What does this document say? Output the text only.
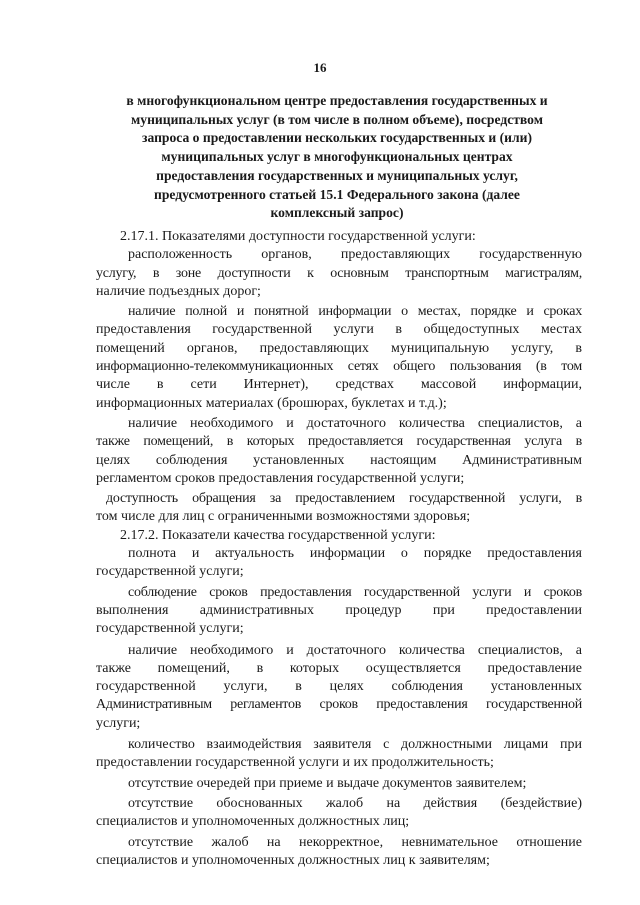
16
в многофункциональном центре предоставления государственных и
муниципальных услуг (в том числе в полном объеме), посредством
запроса о предоставлении нескольких государственных и (или)
муниципальных услуг в многофункциональных центрах
предоставления государственных и муниципальных услуг,
предусмотренного статьей 15.1 Федерального закона (далее
комплексный запрос)
2.17.1. Показателями доступности государственной услуги:
расположенность органов, предоставляющих государственную
услугу, в зоне доступности к основным транспортным магистралям,
наличие подъездных дорог;
наличие полной и понятной информации о местах, порядке и сроках
предоставления государственной услуги в общедоступных местах
помещений органов, предоставляющих муниципальную услугу, в
информационно-телекоммуникационных сетях общего пользования (в том
числе в сети Интернет), средствах массовой информации,
информационных материалах (брошюрах, буклетах и т.д.);
наличие необходимого и достаточного количества специалистов, а
также помещений, в которых предоставляется государственная услуга в
целях соблюдения установленных настоящим Административным
регламентом сроков предоставления государственной услуги;
доступность обращения за предоставлением государственной услуги, в
том числе для лиц с ограниченными возможностями здоровья;
2.17.2. Показатели качества государственной услуги:
полнота и актуальность информации о порядке предоставления
государственной услуги;
соблюдение сроков предоставления государственной услуги и сроков
выполнения административных процедур при предоставлении
государственной услуги;
наличие необходимого и достаточного количества специалистов, а
также помещений, в которых осуществляется предоставление
государственной услуги, в целях соблюдения установленных
Административным регламентов сроков предоставления государственной
услуги;
количество взаимодействия заявителя с должностными лицами при
предоставлении государственной услуги и их продолжительность;
отсутствие очередей при приеме и выдаче документов заявителем;
отсутствие обоснованных жалоб на действия (бездействие)
специалистов и уполномоченных должностных лиц;
отсутствие жалоб на некорректное, невнимательное отношение
специалистов и уполномоченных должностных лиц к заявителям;
